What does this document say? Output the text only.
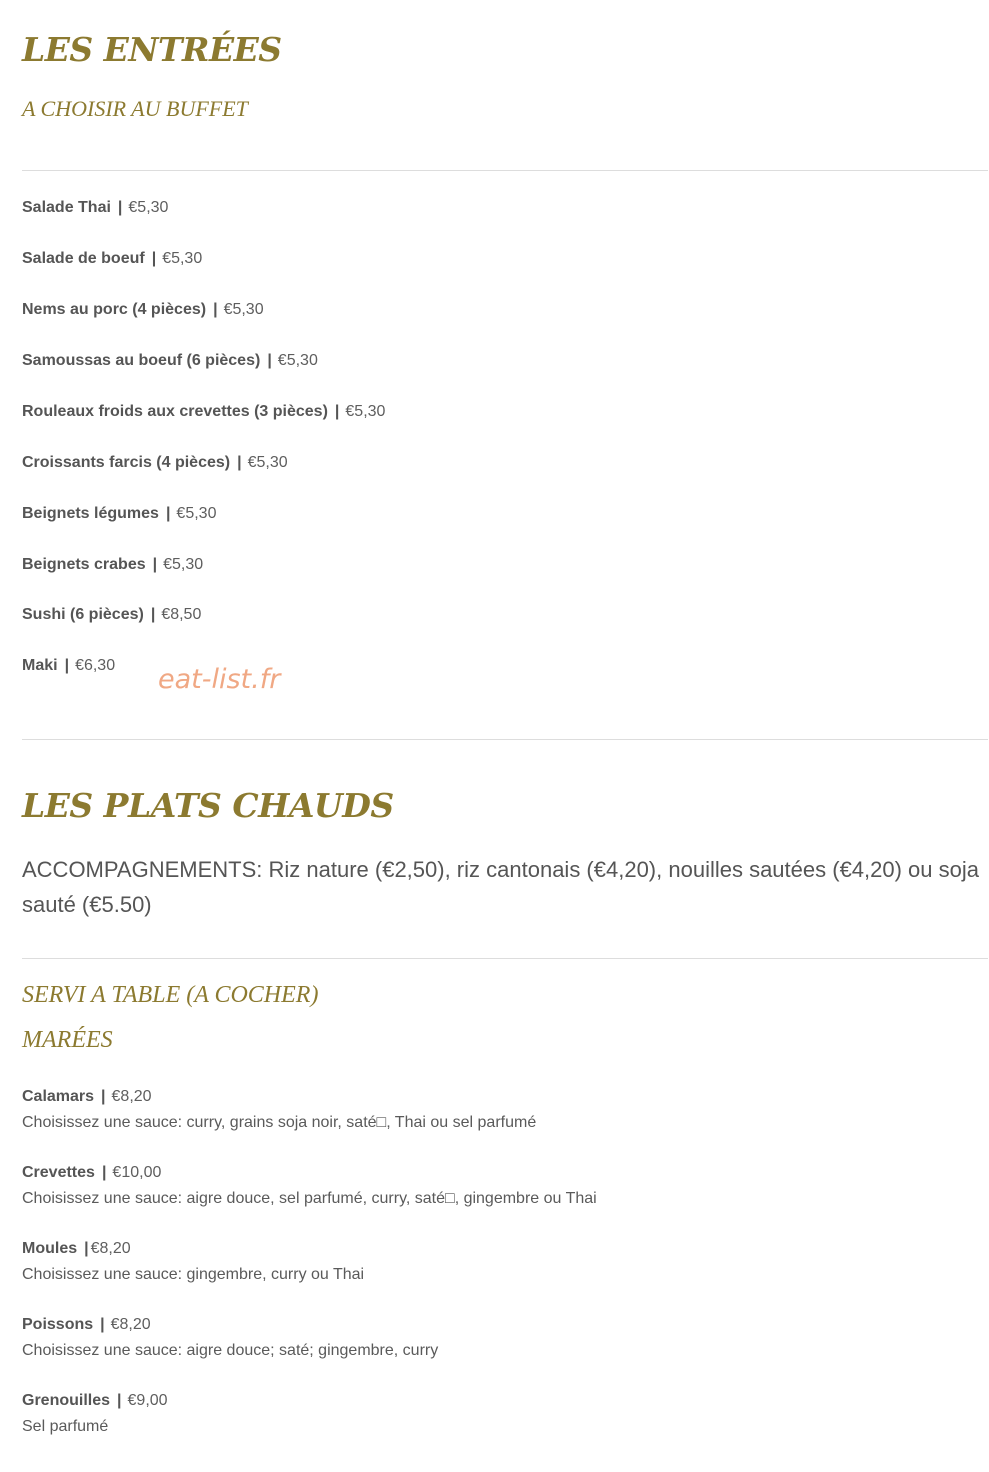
LES ENTRÉES
A CHOISIR AU BUFFET
Salade Thai | €5,30
Salade de boeuf | €5,30
Nems au porc (4 pièces) | €5,30
Samoussas au boeuf (6 pièces) | €5,30
Rouleaux froids aux crevettes (3 pièces) | €5,30
Croissants farcis (4 pièces) | €5,30
Beignets légumes | €5,30
Beignets crabes | €5,30
Sushi (6 pièces) | €8,50
Maki | €6,30 eat-list.fr
LES PLATS CHAUDS
ACCOMPAGNEMENTS: Riz nature (€2,50), riz cantonais (€4,20), nouilles sautées (€4,20) ou soja sauté (€5.50)
SERVI A TABLE (A COCHER)
MARÉES
Calamars | €8,20
Choisissez une sauce: curry, grains soja noir, saté□, Thai ou sel parfumé
Crevettes | €10,00
Choisissez une sauce: aigre douce, sel parfumé, curry, saté□, gingembre ou Thai
Moules | €8,20
Choisissez une sauce: gingembre, curry ou Thai
Poissons | €8,20
Choisissez une sauce: aigre douce; saté; gingembre, curry
Grenouilles | €9,00
Sel parfumé
